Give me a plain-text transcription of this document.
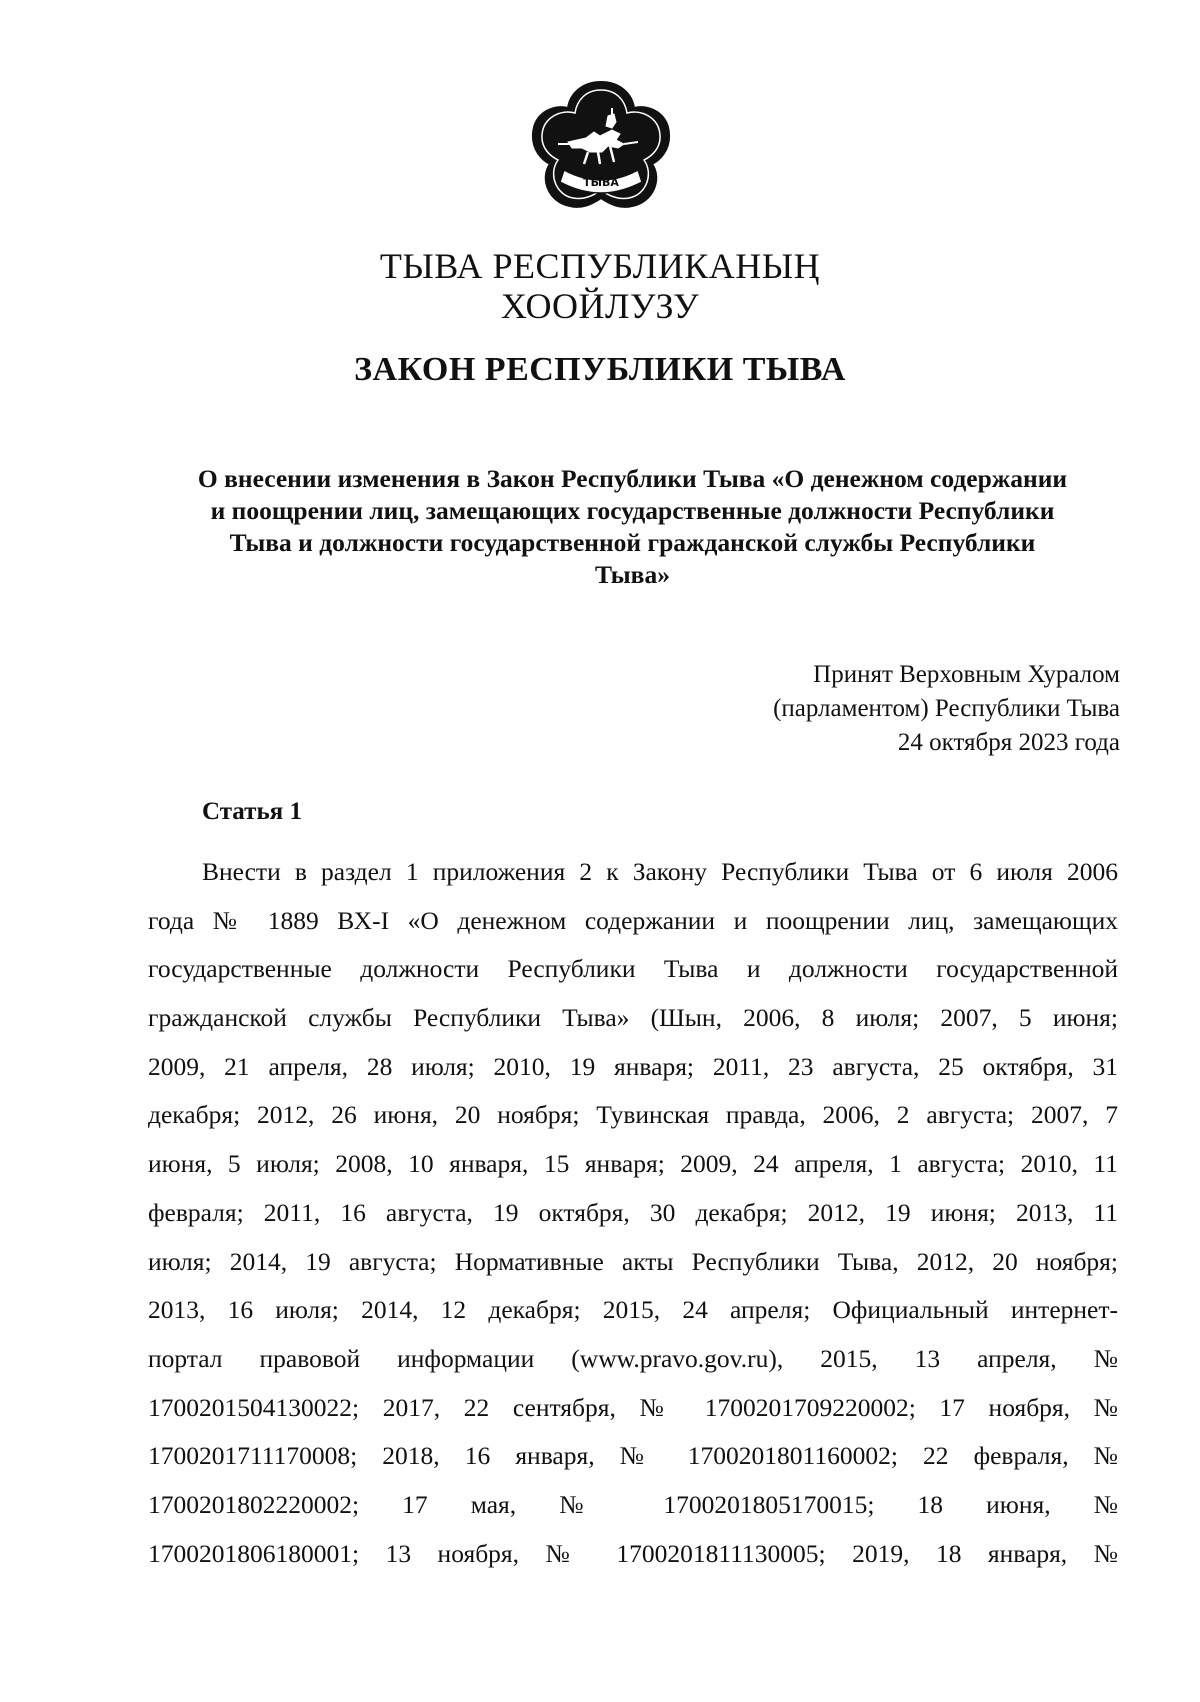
ТЫВА
ТЫВА РЕСПУБЛИКАНЫҢ
ХООЙЛУЗУ
ЗАКОН РЕСПУБЛИКИ ТЫВА
О внесении изменения в Закон Республики Тыва «О денежном содержании
и поощрении лиц, замещающих государственные должности Республики
Тыва и должности государственной гражданской службы Республики
Тыва»
Принят Верховным Хуралом
(парламентом) Республики Тыва
24 октября 2023 года
Статья 1
Внести в раздел 1 приложения 2 к Закону Республики Тыва от 6 июля 2006
года № 1889 ВХ-I «О денежном содержании и поощрении лиц, замещающих
государственные должности Республики Тыва и должности государственной
гражданской службы Республики Тыва» (Шын, 2006, 8 июля; 2007, 5 июня;
2009, 21 апреля, 28 июля; 2010, 19 января; 2011, 23 августа, 25 октября, 31
декабря; 2012, 26 июня, 20 ноября; Тувинская правда, 2006, 2 августа; 2007, 7
июня, 5 июля; 2008, 10 января, 15 января; 2009, 24 апреля, 1 августа; 2010, 11
февраля; 2011, 16 августа, 19 октября, 30 декабря; 2012, 19 июня; 2013, 11
июля; 2014, 19 августа; Нормативные акты Республики Тыва, 2012, 20 ноября;
2013, 16 июля; 2014, 12 декабря; 2015, 24 апреля; Официальный интернет-
портал правовой информации (www.pravo.gov.ru), 2015, 13 апреля, №
1700201504130022; 2017, 22 сентября, № 1700201709220002; 17 ноября, №
1700201711170008; 2018, 16 января, № 1700201801160002; 22 февраля, №
1700201802220002; 17 мая, № 1700201805170015; 18 июня, №
1700201806180001; 13 ноября, № 1700201811130005; 2019, 18 января, №
